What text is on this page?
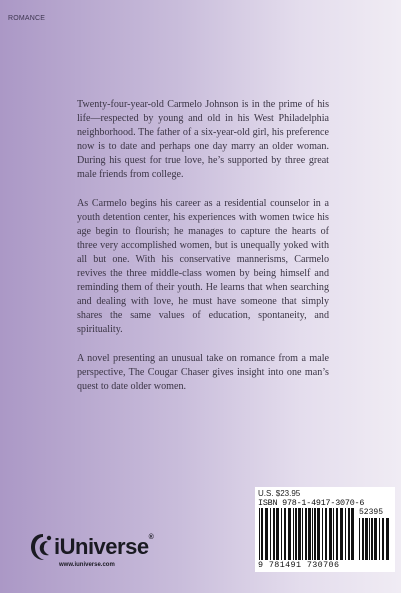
ROMANCE

Twenty-four-year-old Carmelo Johnson is in the prime of his life—respected by young and old in his West Philadelphia neighborhood. The father of a six-year-old girl, his preference now is to date and perhaps one day marry an older woman. During his quest for true love, he’s supported by three great male friends from college.

As Carmelo begins his career as a residential counselor in a youth detention center, his experiences with women twice his age begin to flourish; he manages to capture the hearts of three very accomplished women, but is unequally yoked with all but one. With his conservative mannerisms, Carmelo revives the three middle-class women by being himself and reminding them of their youth. He learns that when searching and dealing with love, he must have someone that simply shares the same values of education, spontaneity, and spirituality.

A novel presenting an unusual take on romance from a male perspective, The Cougar Chaser gives insight into one man’s quest to date older women.

U.S. $23.95
ISBN 978-1-4917-3070-6
52395
9 781491 730706
iUniverse®
www.iuniverse.com
